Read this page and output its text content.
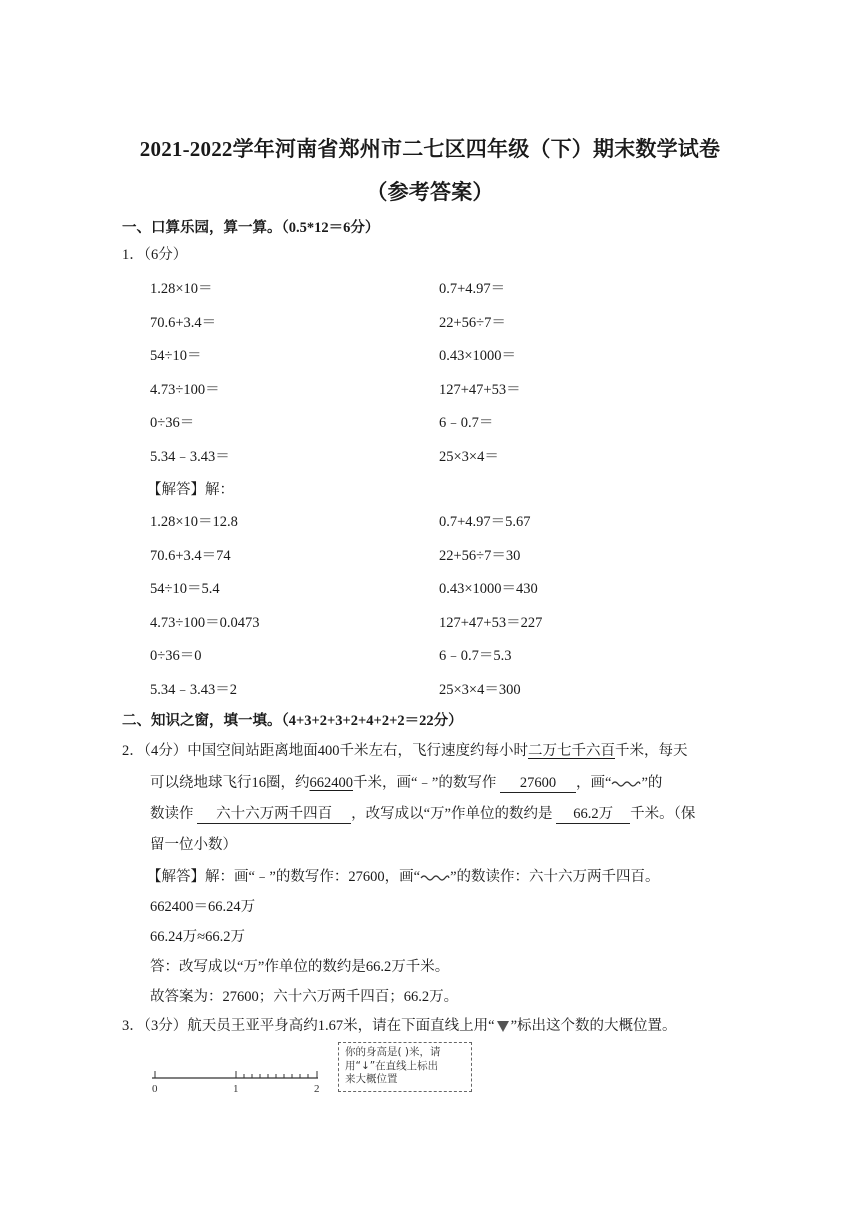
2021-2022学年河南省郑州市二七区四年级（下）期末数学试卷
（参考答案）
一、口算乐园，算一算。（0.5*12＝6分）
1．（6分）
1.28×10＝	0.7+4.97＝
70.6+3.4＝	22+56÷7＝
54÷10＝	0.43×1000＝
4.73÷100＝	127+47+53＝
0÷36＝	6﹣0.7＝
5.34﹣3.43＝	25×3×4＝
【解答】解：
1.28×10＝12.8	0.7+4.97＝5.67
70.6+3.4＝74	22+56÷7＝30
54÷10＝5.4	0.43×1000＝430
4.73÷100＝0.0473	127+47+53＝227
0÷36＝0	6﹣0.7＝5.3
5.34﹣3.43＝2	25×3×4＝300
二、知识之窗，填一填。（4+3+2+3+2+4+2+2＝22分）
2．（4分）中国空间站距离地面400千米左右，飞行速度约每小时二万七千六百千米，每天
可以绕地球飞行16圈，约662400千米，画“﹣”的数写作 27600 ，画“ ”的
数读作 六十六万两千四百 ，改写成以“万”作单位的数约是 66.2万 千米。（保
留一位小数）
【解答】解：画“﹣”的数写作：27600，画“ ”的数读作：六十六万两千四百。
662400＝66.24万
66.24万≈66.2万
答：改写成以“万”作单位的数约是66.2万千米。
故答案为：27600；六十六万两千四百；66.2万。
3．（3分）航天员王亚平身高约1.67米，请在下面直线上用“ ”标出这个数的大概位置。
0	1	2
你的身高是( )米，请
用“↓”在直线上标出
来大概位置
